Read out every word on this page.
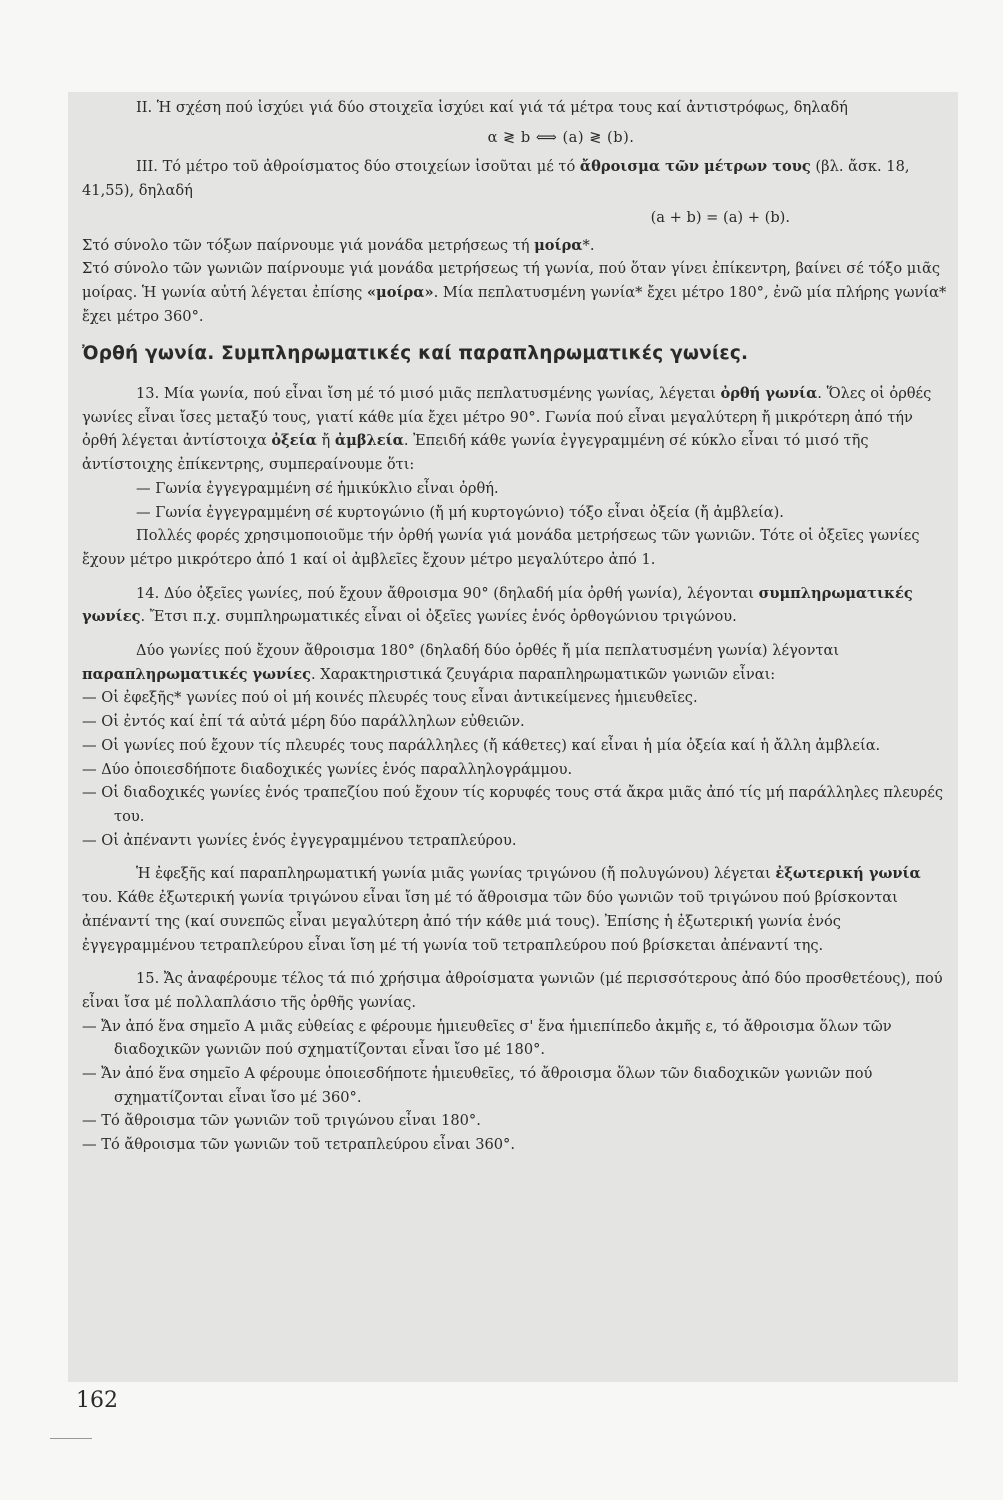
II. Ἡ σχέση πού ἰσχύει γιά δύο στοιχεῖα ἰσχύει καί γιά τά μέτρα τους καί ἀντιστρόφως, δηλαδή

α ≷ b ⟺ (a) ≷ (b).

III. Τό μέτρο τοῦ ἀθροίσματος δύο στοιχείων ἰσοῦται μέ τό ἄθροισμα τῶν μέτρων τους (βλ. ἄσκ. 18, 41,55), δηλαδή

(a + b) = (a) + (b).

Στό σύνολο τῶν τόξων παίρνουμε γιά μονάδα μετρήσεως τή μοίρα*.

Στό σύνολο τῶν γωνιῶν παίρνουμε γιά μονάδα μετρήσεως τή γωνία, πού ὅταν γίνει ἐπίκεντρη, βαίνει σέ τόξο μιᾶς μοίρας. Ἡ γωνία αὐτή λέγεται ἐπίσης «μοίρα». Μία πεπλατυσμένη γωνία* ἔχει μέτρο 180°, ἐνῶ μία πλήρης γωνία* ἔχει μέτρο 360°.

Ὀρθή γωνία. Συμπληρωματικές καί παραπληρωματικές γωνίες.

13. Μία γωνία, πού εἶναι ἴση μέ τό μισό μιᾶς πεπλατυσμένης γωνίας, λέγεται ὀρθή γωνία. Ὅλες οἱ ὀρθές γωνίες εἶναι ἴσες μεταξύ τους, γιατί κάθε μία ἔχει μέτρο 90°. Γωνία πού εἶναι μεγαλύτερη ἤ μικρότερη ἀπό τήν ὀρθή λέγεται ἀντίστοιχα ὀξεία ἤ ἀμβλεία. Ἐπειδή κάθε γωνία ἐγγεγραμμένη σέ κύκλο εἶναι τό μισό τῆς ἀντίστοιχης ἐπίκεντρης, συμπεραίνουμε ὅτι:

— Γωνία ἐγγεγραμμένη σέ ἡμικύκλιο εἶναι ὀρθή.

— Γωνία ἐγγεγραμμένη σέ κυρτογώνιο (ἤ μή κυρτογώνιο) τόξο εἶναι ὀξεία (ἤ ἀμβλεία).

Πολλές φορές χρησιμοποιοῦμε τήν ὀρθή γωνία γιά μονάδα μετρήσεως τῶν γωνιῶν. Τότε οἱ ὀξεῖες γωνίες ἔχουν μέτρο μικρότερο ἀπό 1 καί οἱ ἀμβλεῖες ἔχουν μέτρο μεγαλύτερο ἀπό 1.

14. Δύο ὀξεῖες γωνίες, πού ἔχουν ἄθροισμα 90° (δηλαδή μία ὀρθή γωνία), λέγονται συμπληρωματικές γωνίες. Ἔτσι π.χ. συμπληρωματικές εἶναι οἱ ὀξεῖες γωνίες ἑνός ὀρθογώνιου τριγώνου.

Δύο γωνίες πού ἔχουν ἄθροισμα 180° (δηλαδή δύο ὀρθές ἤ μία πεπλατυσμένη γωνία) λέγονται παραπληρωματικές γωνίες. Χαρακτηριστικά ζευγάρια παραπληρωματικῶν γωνιῶν εἶναι:

— Οἱ ἐφεξῆς* γωνίες πού οἱ μή κοινές πλευρές τους εἶναι ἀντικείμενες ἡμιευθεῖες.

— Οἱ ἐντός καί ἐπί τά αὐτά μέρη δύο παράλληλων εὐθειῶν.

— Οἱ γωνίες πού ἔχουν τίς πλευρές τους παράλληλες (ἤ κάθετες) καί εἶναι ἡ μία ὀξεία καί ἡ ἄλλη ἀμβλεία.

— Δύο ὁποιεσδήποτε διαδοχικές γωνίες ἑνός παραλληλογράμμου.

— Οἱ διαδοχικές γωνίες ἑνός τραπεζίου πού ἔχουν τίς κορυφές τους στά ἄκρα μιᾶς ἀπό τίς μή παράλληλες πλευρές του.

— Οἱ ἀπέναντι γωνίες ἑνός ἐγγεγραμμένου τετραπλεύρου.

Ἡ ἐφεξῆς καί παραπληρωματική γωνία μιᾶς γωνίας τριγώνου (ἤ πολυγώνου) λέγεται ἐξωτερική γωνία του. Κάθε ἐξωτερική γωνία τριγώνου εἶναι ἴση μέ τό ἄθροισμα τῶν δύο γωνιῶν τοῦ τριγώνου πού βρίσκονται ἀπέναντί της (καί συνεπῶς εἶναι μεγαλύτερη ἀπό τήν κάθε μιά τους). Ἐπίσης ἡ ἐξωτερική γωνία ἑνός ἐγγεγραμμένου τετραπλεύρου εἶναι ἴση μέ τή γωνία τοῦ τετραπλεύρου πού βρίσκεται ἀπέναντί της.

15. Ἄς ἀναφέρουμε τέλος τά πιό χρήσιμα ἀθροίσματα γωνιῶν (μέ περισσότερους ἀπό δύο προσθετέους), πού εἶναι ἴσα μέ πολλαπλάσιο τῆς ὀρθῆς γωνίας.

— Ἄν ἀπό ἕνα σημεῖο Α μιᾶς εὐθείας ε φέρουμε ἡμιευθεῖες σ' ἕνα ἡμιεπίπεδο ἀκμῆς ε, τό ἄθροισμα ὅλων τῶν διαδοχικῶν γωνιῶν πού σχηματίζονται εἶναι ἴσο μέ 180°.

— Ἄν ἀπό ἕνα σημεῖο Α φέρουμε ὁποιεσδήποτε ἡμιευθεῖες, τό ἄθροισμα ὅλων τῶν διαδοχικῶν γωνιῶν πού σχηματίζονται εἶναι ἴσο μέ 360°.

— Τό ἄθροισμα τῶν γωνιῶν τοῦ τριγώνου εἶναι 180°.

— Τό ἄθροισμα τῶν γωνιῶν τοῦ τετραπλεύρου εἶναι 360°.

162
